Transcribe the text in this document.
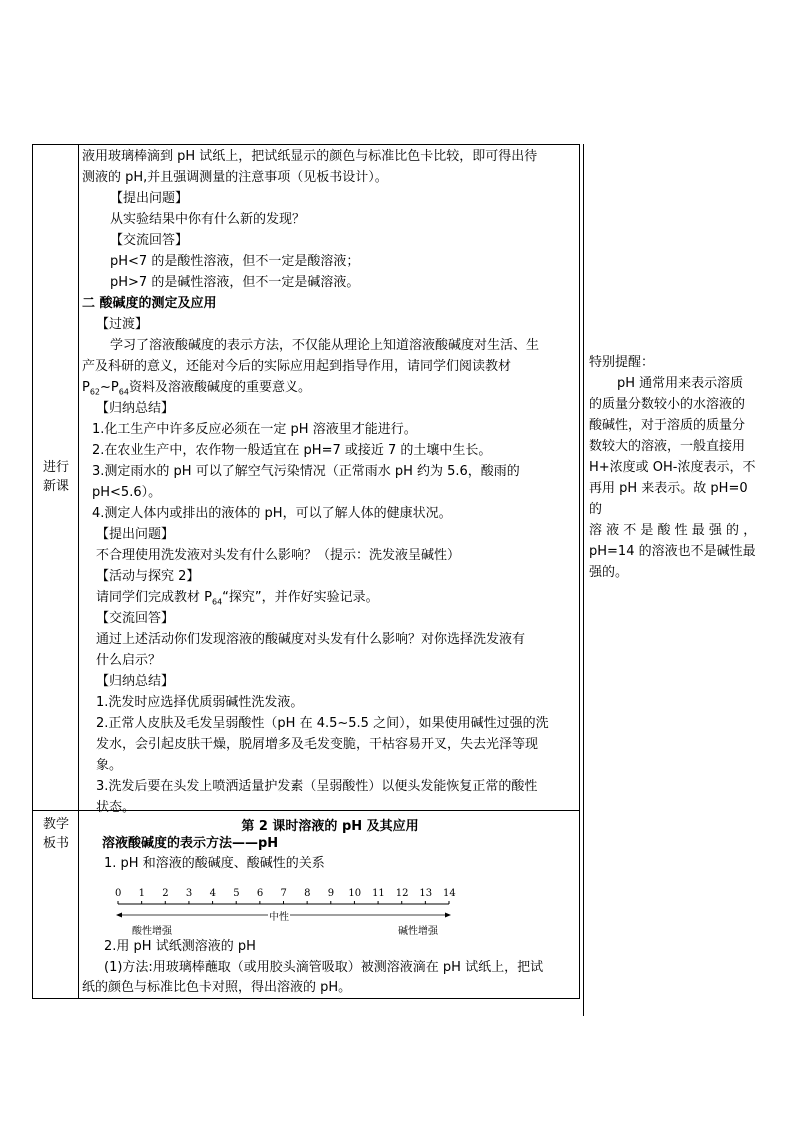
进行新课
教学板书
液用玻璃棒滴到 pH 试纸上，把试纸显示的颜色与标准比色卡比较，即可得出待
测液的 pH,并且强调测量的注意事项（见板书设计）。
【提出问题】
从实验结果中你有什么新的发现？
【交流回答】
pH<7 的是酸性溶液，但不一定是酸溶液；
pH>7 的是碱性溶液，但不一定是碱溶液。
二 酸碱度的测定及应用
【过渡】
学习了溶液酸碱度的表示方法，不仅能从理论上知道溶液酸碱度对生活、生
产及科研的意义，还能对今后的实际应用起到指导作用，请同学们阅读教材
$P_{62}\sim P_{64}$资料及溶液酸碱度的重要意义。
【归纳总结】
1.化工生产中许多反应必须在一定 pH 溶液里才能进行。
2.在农业生产中，农作物一般适宜在 pH=7 或接近 7 的土壤中生长。
3.测定雨水的 pH 可以了解空气污染情况（正常雨水 pH 约为 5.6，酸雨的
pH<5.6）。
4.测定人体内或排出的液体的 pH，可以了解人体的健康状况。
【提出问题】
不合理使用洗发液对头发有什么影响？（提示：洗发液呈碱性）
【活动与探究 2】
请同学们完成教材 $P_{64}“$探究”，并作好实验记录。
【交流回答】
通过上述活动你们发现溶液的酸碱度对头发有什么影响？对你选择洗发液有
什么启示？
【归纳总结】
1.洗发时应选择优质弱碱性洗发液。
2.正常人皮肤及毛发呈弱酸性（pH 在 4.5~5.5 之间），如果使用碱性过强的洗
发水，会引起皮肤干燥，脱屑增多及毛发变脆，干枯容易开叉，失去光泽等现
象。
3.洗发后要在头发上喷洒适量护发素（呈弱酸性）以便头发能恢复正常的酸性
状态。
特别提醒：
pH 通常用来表示溶质
的质量分数较小的水溶液的
酸碱性，对于溶质的质量分
数较大的溶液，一般直接用
H+浓度或 OH-浓度表示，不
再用 pH 来表示。故 pH=0 的
溶 液 不 是 酸 性 最 强 的 ，
pH=14 的溶液也不是碱性最
强的。
第 2 课时溶液的 pH 及其应用
溶液酸碱度的表示方法——pH
1. pH 和溶液的酸碱度、酸碱性的关系
0 1 2 3 4 5 6 7 8 9 10 11 12 13 14
中性
酸性增强	碱性增强
2.用 pH 试纸测溶液的 pH
(1)方法:用玻璃棒蘸取（或用胶头滴管吸取）被测溶液滴在 pH 试纸上，把试
纸的颜色与标准比色卡对照，得出溶液的 pH。
